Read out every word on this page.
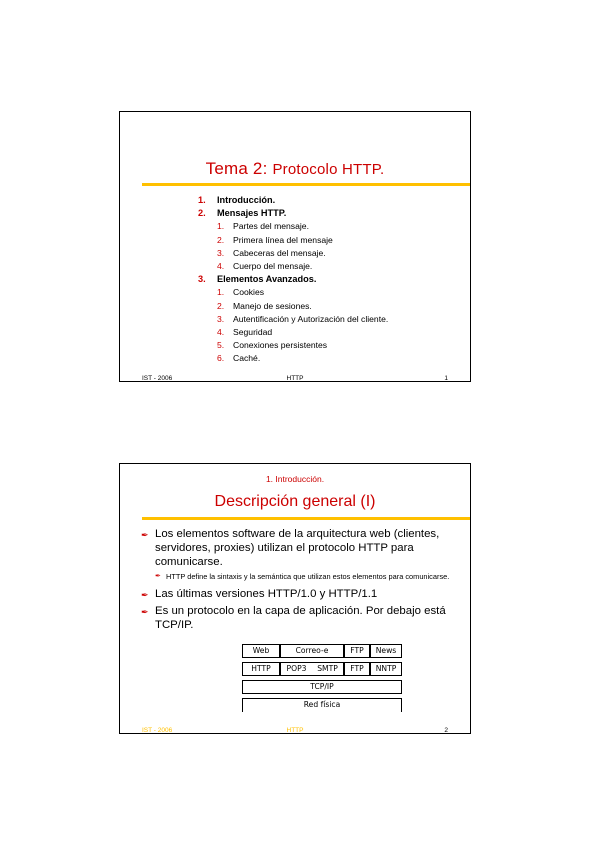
Tema 2: Protocolo HTTP.
1. Introducción.
2. Mensajes HTTP.
1. Partes del mensaje.
2. Primera línea del mensaje
3. Cabeceras del mensaje.
4. Cuerpo del mensaje.
3. Elementos Avanzados.
1. Cookies
2. Manejo de sesiones.
3. Autentificación y Autorización del cliente.
4. Seguridad
5. Conexiones persistentes
6. Caché.
IST - 2006	HTTP	1
1. Introducción.
Descripción general (I)
✒ Los elementos software de la arquitectura web (clientes, servidores, proxies) utilizan el protocolo HTTP para comunicarse.
✒ HTTP define la sintaxis y la semántica que utilizan estos elementos para comunicarse.
✒ Las últimas versiones HTTP/1.0 y HTTP/1.1
✒ Es un protocolo en la capa de aplicación. Por debajo está TCP/IP.
Web	Correo-e	FTP	News
HTTP	POP3	SMTP	FTP	NNTP
TCP/IP
Red física
IST - 2006	HTTP	2
